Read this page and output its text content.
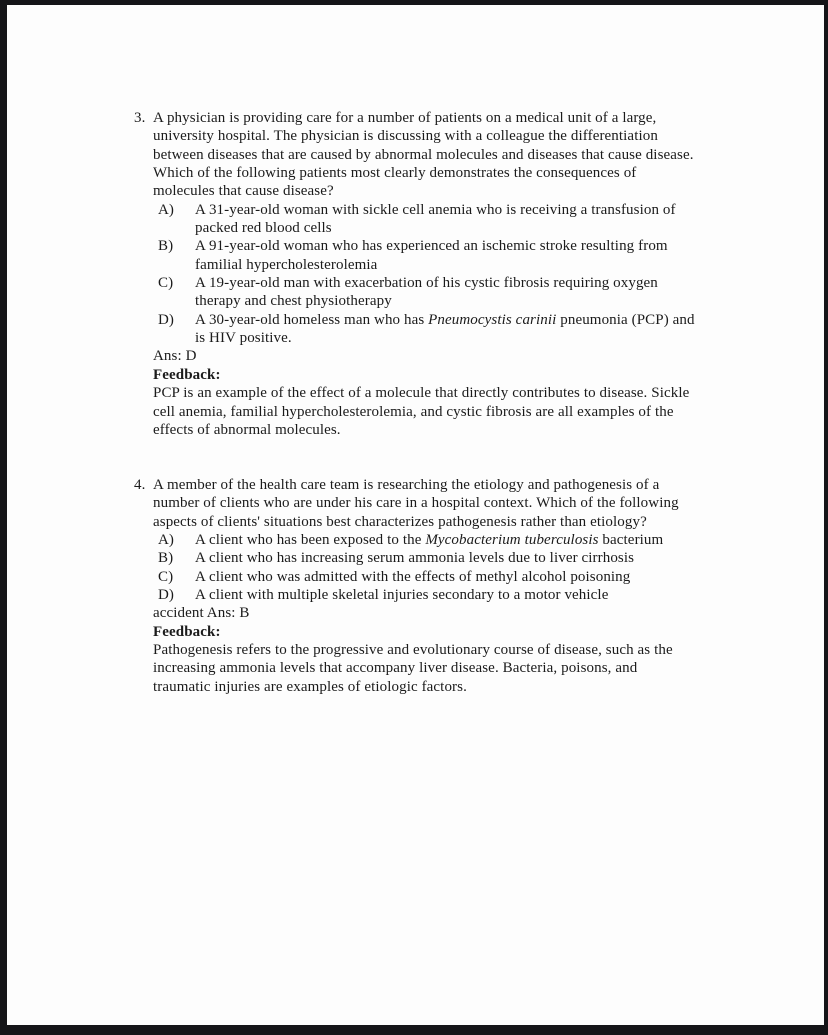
3. A physician is providing care for a number of patients on a medical unit of a large,
university hospital. The physician is discussing with a colleague the differentiation
between diseases that are caused by abnormal molecules and diseases that cause disease.
Which of the following patients most clearly demonstrates the consequences of
molecules that cause disease?
A)	A 31-year-old woman with sickle cell anemia who is receiving a transfusion of
packed red blood cells
B)	A 91-year-old woman who has experienced an ischemic stroke resulting from
familial hypercholesterolemia
C)	A 19-year-old man with exacerbation of his cystic fibrosis requiring oxygen
therapy and chest physiotherapy
D)	A 30-year-old homeless man who has Pneumocystis carinii pneumonia (PCP) and
is HIV positive.
Ans: D
Feedback:
PCP is an example of the effect of a molecule that directly contributes to disease. Sickle
cell anemia, familial hypercholesterolemia, and cystic fibrosis are all examples of the
effects of abnormal molecules.
4. A member of the health care team is researching the etiology and pathogenesis of a
number of clients who are under his care in a hospital context. Which of the following
aspects of clients' situations best characterizes pathogenesis rather than etiology?
A)	A client who has been exposed to the Mycobacterium tuberculosis bacterium
B)	A client who has increasing serum ammonia levels due to liver cirrhosis
C)	A client who was admitted with the effects of methyl alcohol poisoning
D)	A client with multiple skeletal injuries secondary to a motor vehicle
accident Ans: B
Feedback:
Pathogenesis refers to the progressive and evolutionary course of disease, such as the
increasing ammonia levels that accompany liver disease. Bacteria, poisons, and
traumatic injuries are examples of etiologic factors.
